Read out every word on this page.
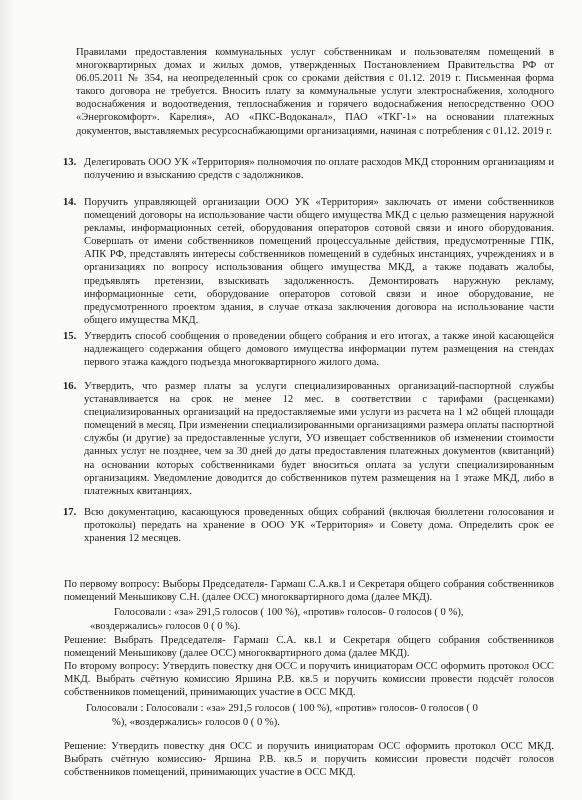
Правилами предоставления коммунальных услуг собственникам и пользователям помещений в многоквартирных домах и жилых домов, утвержденных Постановлением Правительства РФ от 06.05.2011 № 354, на неопределенный срок со сроками действия с 01.12. 2019 г. Письменная форма такого договора не требуется. Вносить плату за коммунальные услуги электроснабжения, холодного водоснабжения и водоотведения, теплоснабжения и горячего водоснабжения непосредственно ООО «Энергокомфорт». Карелия», АО «ПКС-Водоканал», ПАО «ТКГ-1» на основании платежных документов, выставляемых ресурсоснабжающими организациями, начиная с потребления с 01.12. 2019 г.

13. Делегировать ООО УК «Территория» полномочия по оплате расходов МКД сторонним организациям и получению и взысканию средств с задолжников.

14. Поручить управляющей организации ООО УК «Территория» заключать от имени собственников помещений договоры на использование части общего имущества МКД с целью размещения наружной рекламы, информационных сетей, оборудования операторов сотовой связи и иного оборудования. Совершать от имени собственников помещений процессуальные действия, предусмотренные ГПК, АПК РФ, представлять интересы собственников помещений в судебных инстанциях, учреждениях и в организациях по вопросу использования общего имущества МКД, а также подавать жалобы, предъявлять претензии, взыскивать задолженность. Демонтировать наружную рекламу, информационные сети, оборудование операторов сотовой связи и иное оборудование, не предусмотренного проектом здания, в случае отказа заключения договора на использование части общего имущества МКД.

15. Утвердить способ сообщения о проведении общего собрания и его итогах, а также иной касающейся надлежащего содержания общего домового имущества информации путем размещения на стендах первого этажа каждого подъезда многоквартирного жилого дома.

16. Утвердить, что размер платы за услуги специализированных организаций-паспортной службы устанавливается на срок не менее 12 мес. в соответствии с тарифами (расценками) специализированных организаций на предоставляемые ими услуги из расчета на 1 м2 общей площади помещений в месяц. При изменении специализированными организациями размера оплаты паспортной службы (и другие) за предоставленные услуги, УО извещает собственников об изменении стоимости данных услуг не позднее, чем за 30 дней до даты предоставления платежных документов (квитанций) на основании которых собственниками будет вноситься оплата за услуги специализированным организациям. Уведомление доводится до собственников путем размещения на 1 этаже МКД, либо в платежных квитанциях.

17. Всю документацию, касающуюся проведенных общих собраний (включая бюллетени голосования и протоколы) передать на хранение в ООО УК «Территория» и Совету дома. Определить срок ее хранения 12 месяцев.

По первому вопросу: Выборы Председателя- Гармаш С.А.кв.1 и Секретаря общего собрания собственников помещений Меньшикову С.Н. (далее ОСС) многоквартирного дома (далее МКД).

Голосовали : «за» 291,5 голосов ( 100 %), «против» голосов- 0 голосов ( 0 %),

«воздержались» голосов 0 ( 0 %).

Решение: Выбрать Председателя- Гармаш С.А. кв.1 и Секретаря общего собрания собственников помещений Меньшикову (далее ОСС) многоквартирного дома (далее МКД).

По второму вопросу: Утвердить повестку дня ОСС и поручить инициаторам ОСС оформить протокол ОСС МКД. Выбрать счётную комиссию Яршина Р.В. кв.5 и поручить комиссии провести подсчёт голосов собственников помещений, принимающих участие в ОСС МКД.

Голосовали : Голосовали : «за» 291,5 голосов ( 100 %), «против» голосов- 0 голосов ( 0

%), «воздержались» голосов 0 ( 0 %).

Решение: Утвердить повестку дня ОСС и поручить инициаторам ОСС оформить протокол ОСС МКД. Выбрать счётную комиссию- Яршина Р.В. кв.5 и поручить комиссии провести подсчёт голосов собственников помещений, принимающих участие в ОСС МКД.
